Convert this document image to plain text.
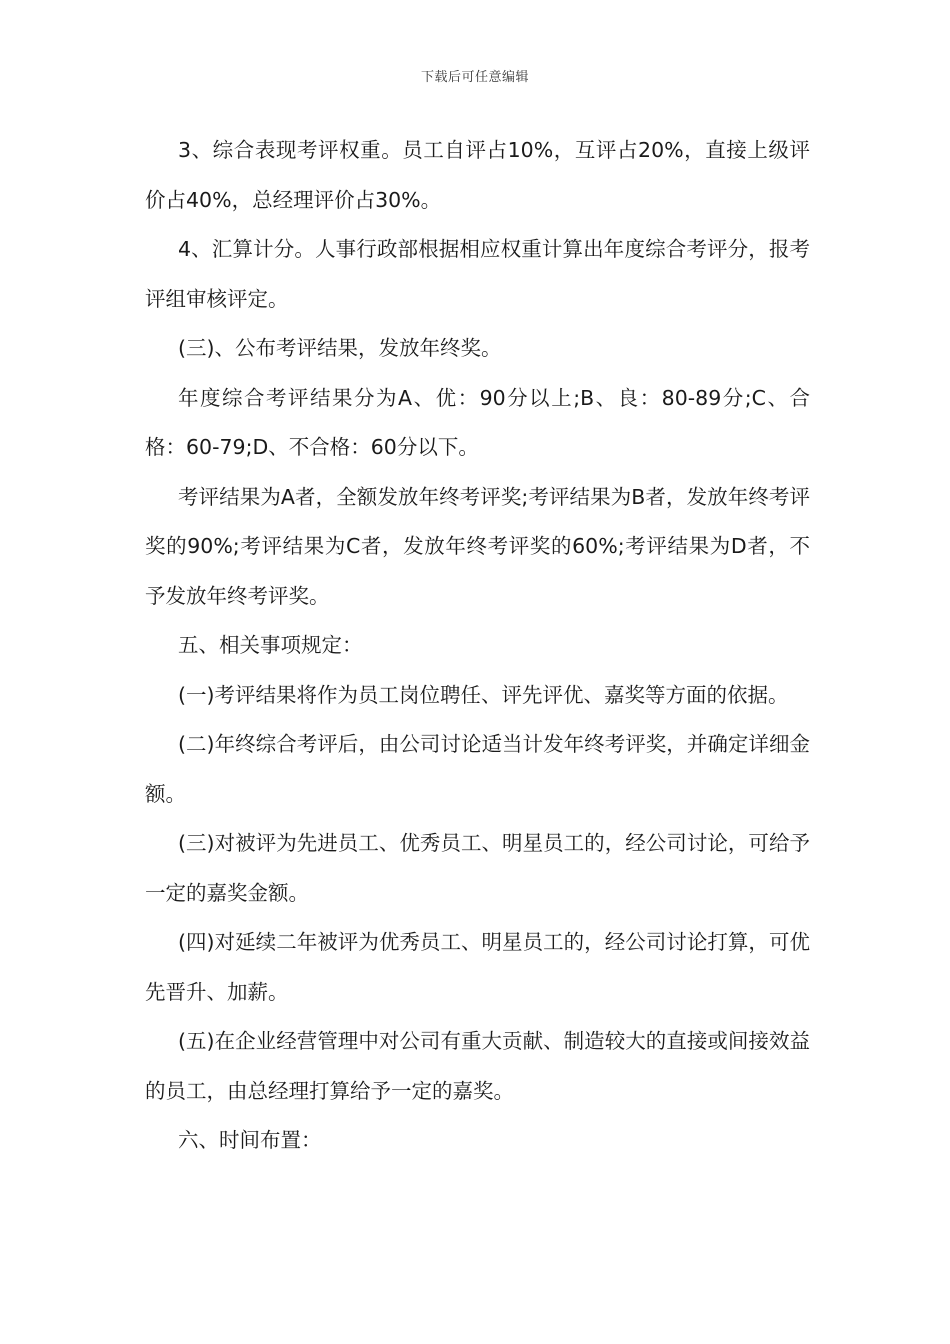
下载后可任意编辑

3、综合表现考评权重。员工自评占10%，互评占20%，直接上级评价占40%，总经理评价占30%。

4、汇算计分。人事行政部根据相应权重计算出年度综合考评分，报考评组审核评定。

(三)、公布考评结果，发放年终奖。

年度综合考评结果分为A、优：90分以上;B、良：80-89分;C、合格：60-79;D、不合格：60分以下。

考评结果为A者，全额发放年终考评奖;考评结果为B者，发放年终考评奖的90%;考评结果为C者，发放年终考评奖的60%;考评结果为D者，不予发放年终考评奖。

五、相关事项规定：

(一)考评结果将作为员工岗位聘任、评先评优、嘉奖等方面的依据。

(二)年终综合考评后，由公司讨论适当计发年终考评奖，并确定详细金额。

(三)对被评为先进员工、优秀员工、明星员工的，经公司讨论，可给予一定的嘉奖金额。

(四)对延续二年被评为优秀员工、明星员工的，经公司讨论打算，可优先晋升、加薪。

(五)在企业经营管理中对公司有重大贡献、制造较大的直接或间接效益的员工，由总经理打算给予一定的嘉奖。

六、时间布置：
